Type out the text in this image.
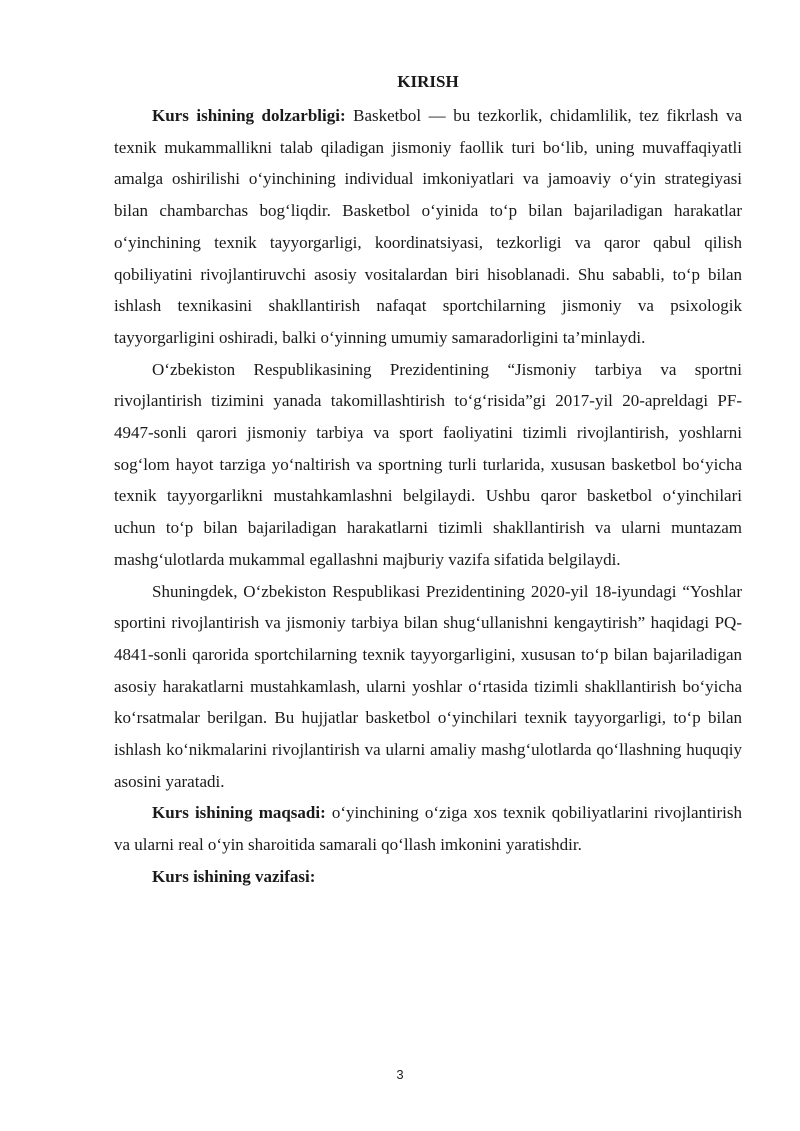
KIRISH

Kurs ishining dolzarbligi: Basketbol — bu tezkorlik, chidamlilik, tez fikrlash va texnik mukammallikni talab qiladigan jismoniy faollik turi bo‘lib, uning muvaffaqiyatli amalga oshirilishi o‘yinchining individual imkoniyatlari va jamoaviy o‘yin strategiyasi bilan chambarchas bog‘liqdir. Basketbol o‘yinida to‘p bilan bajariladigan harakatlar o‘yinchining texnik tayyorgarligi, koordinatsiyasi, tezkorligi va qaror qabul qilish qobiliyatini rivojlantiruvchi asosiy vositalardan biri hisoblanadi. Shu sababli, to‘p bilan ishlash texnikasini shakllantirish nafaqat sportchilarning jismoniy va psixologik tayyorgarligini oshiradi, balki o‘yinning umumiy samaradorligini ta’minlaydi.

O‘zbekiston Respublikasining Prezidentining “Jismoniy tarbiya va sportni rivojlantirish tizimini yanada takomillashtirish to‘g‘risida”gi 2017-yil 20-apreldagi PF-4947-sonli qarori jismoniy tarbiya va sport faoliyatini tizimli rivojlantirish, yoshlarni sog‘lom hayot tarziga yo‘naltirish va sportning turli turlarida, xususan basketbol bo‘yicha texnik tayyorgarlikni mustahkamlashni belgilaydi. Ushbu qaror basketbol o‘yinchilari uchun to‘p bilan bajariladigan harakatlarni tizimli shakllantirish va ularni muntazam mashg‘ulotlarda mukammal egallashni majburiy vazifa sifatida belgilaydi.

Shuningdek, O‘zbekiston Respublikasi Prezidentining 2020-yil 18-iyundagi “Yoshlar sportini rivojlantirish va jismoniy tarbiya bilan shug‘ullanishni kengaytirish” haqidagi PQ-4841-sonli qarorida sportchilarning texnik tayyorgarligini, xususan to‘p bilan bajariladigan asosiy harakatlarni mustahkamlash, ularni yoshlar o‘rtasida tizimli shakllantirish bo‘yicha ko‘rsatmalar berilgan. Bu hujjatlar basketbol o‘yinchilari texnik tayyorgarligi, to‘p bilan ishlash ko‘nikmalarini rivojlantirish va ularni amaliy mashg‘ulotlarda qo‘llashning huquqiy asosini yaratadi.

Kurs ishining maqsadi: o‘yinchining o‘ziga xos texnik qobiliyatlarini rivojlantirish va ularni real o‘yin sharoitida samarali qo‘llash imkonini yaratishdir.

Kurs ishining vazifasi:

3
